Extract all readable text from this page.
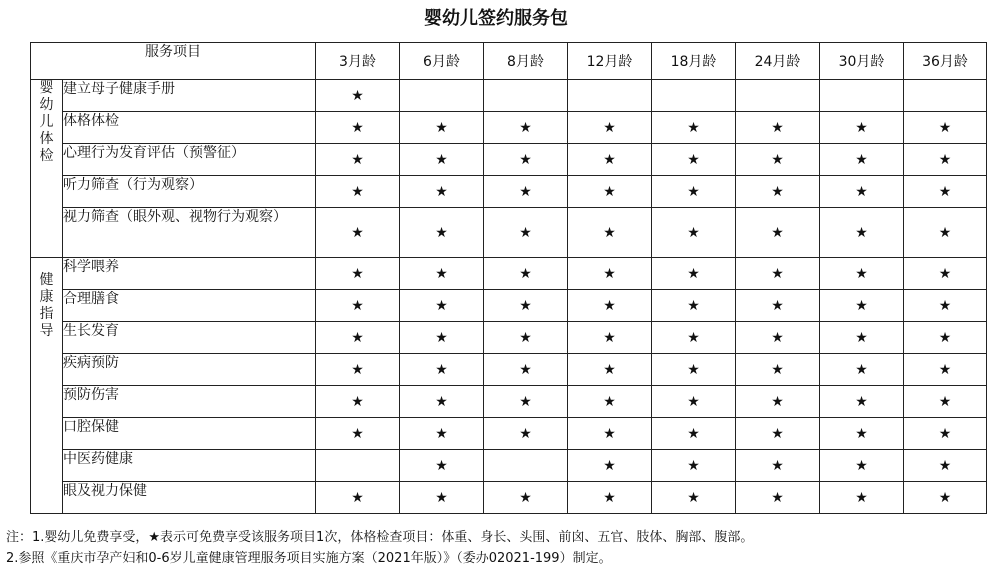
婴幼儿签约服务包
服务项目		3月龄	6月龄	8月龄	12月龄	18月龄	24月龄	30月龄	36月龄

婴幼儿体检	建立母子健康手册	★							
	体格体检	★	★	★	★	★	★	★	★
	心理行为发育评估（预警征）	★	★	★	★	★	★	★	★
	听力筛查（行为观察）	★	★	★	★	★	★	★	★
	视力筛查（眼外观、视物行为观察）	★	★	★	★	★	★	★	★

健康指导	科学喂养	★	★	★	★	★	★	★	★
	合理膳食	★	★	★	★	★	★	★	★
	生长发育	★	★	★	★	★	★	★	★
	疾病预防	★	★	★	★	★	★	★	★
	预防伤害	★	★	★	★	★	★	★	★
	口腔保健	★	★	★	★	★	★	★	★
	中医药健康		★		★	★	★	★	★
	眼及视力保健	★	★	★	★	★	★	★	★
注：1.婴幼儿免费享受，★表示可免费享受该服务项目1次，体格检查项目：体重、身长、头围、前囟、五官、肢体、胸部、腹部。
2.参照《重庆市孕产妇和0-6岁儿童健康管理服务项目实施方案（2021年版）》（委办02021-199）制定。
